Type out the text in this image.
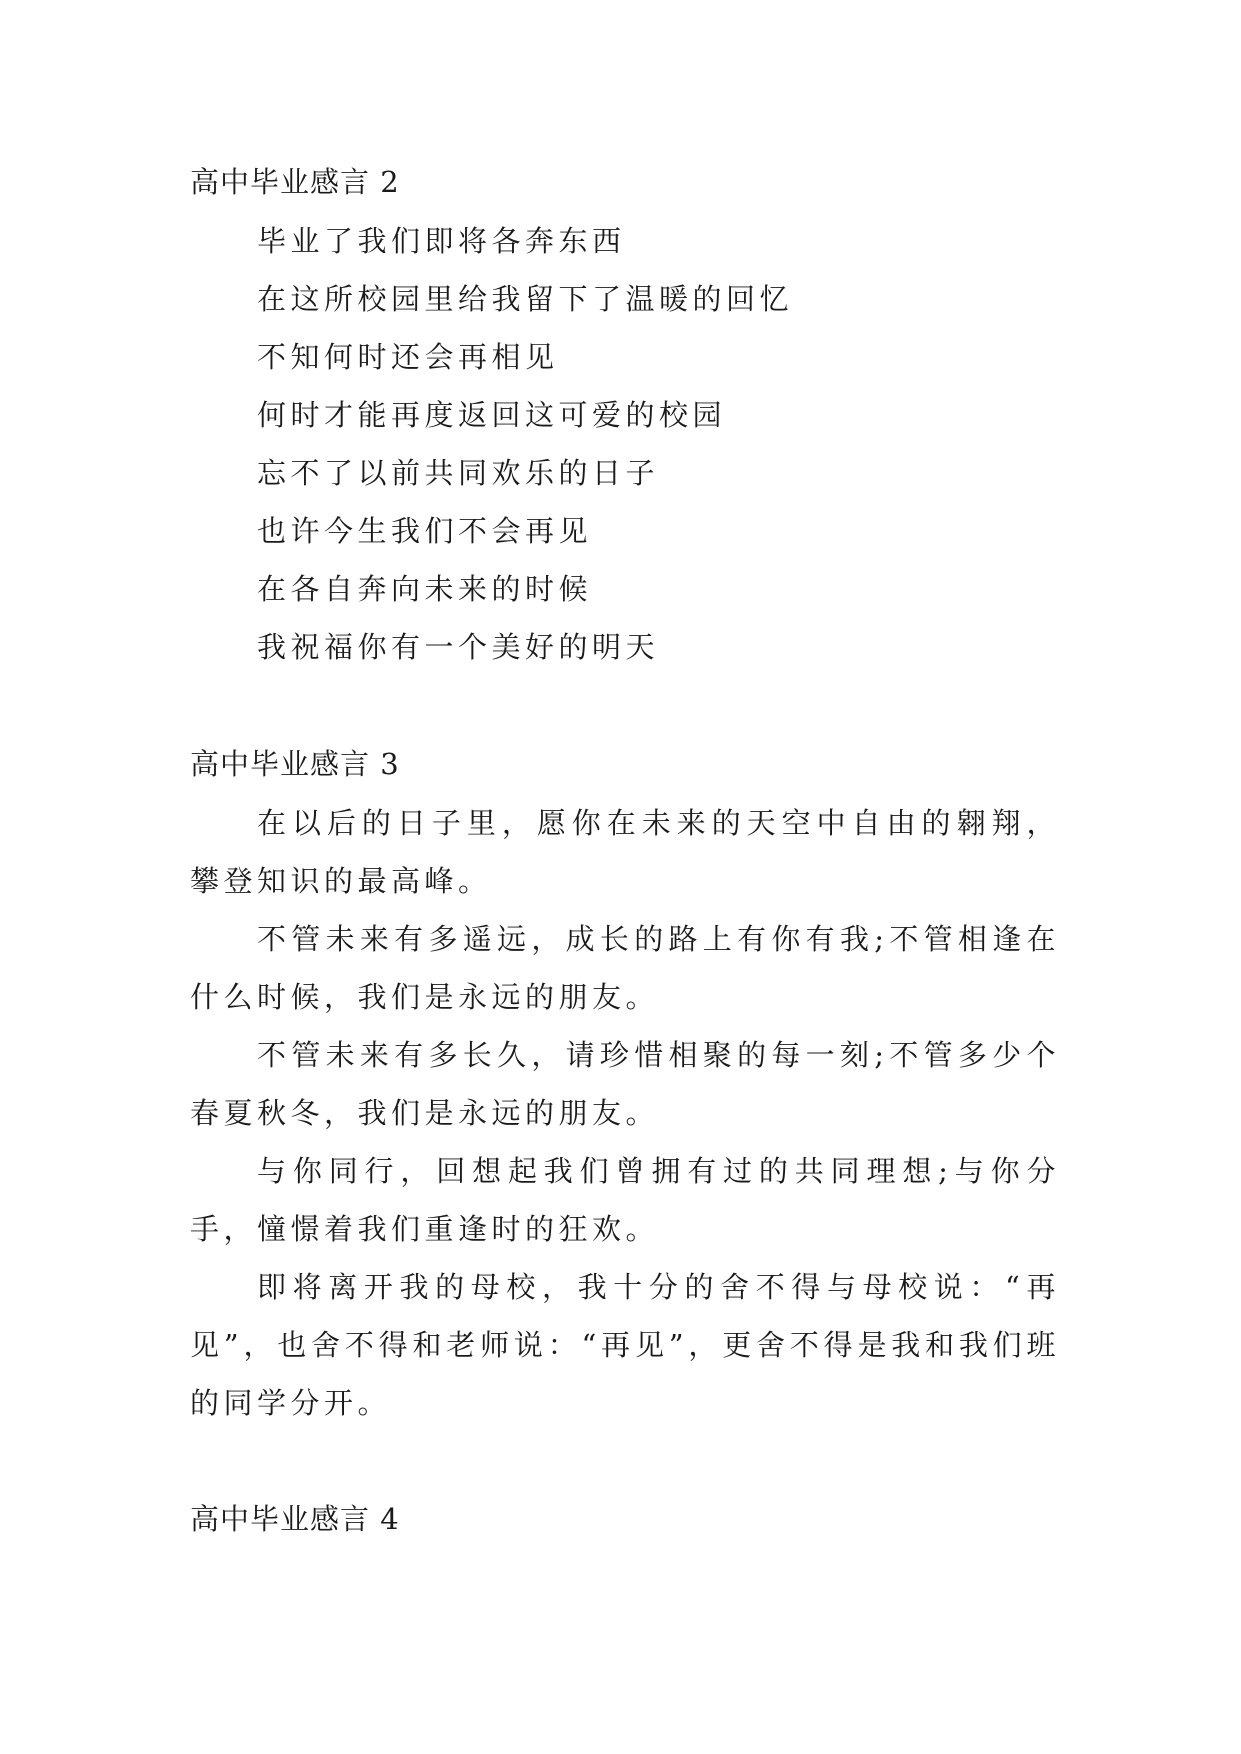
高中毕业感言 2
毕业了我们即将各奔东西
在这所校园里给我留下了温暖的回忆
不知何时还会再相见
何时才能再度返回这可爱的校园
忘不了以前共同欢乐的日子
也许今生我们不会再见
在各自奔向未来的时候
我祝福你有一个美好的明天
高中毕业感言 3

在以后的日子里，愿你在未来的天空中自由的翱翔，攀登知识的最高峰。

不管未来有多遥远，成长的路上有你有我;不管相逢在什么时候，我们是永远的朋友。

不管未来有多长久，请珍惜相聚的每一刻;不管多少个春夏秋冬，我们是永远的朋友。

与你同行，回想起我们曾拥有过的共同理想;与你分手，憧憬着我们重逢时的狂欢。

即将离开我的母校，我十分的舍不得与母校说：“再见”，也舍不得和老师说：“再见”，更舍不得是我和我们班的同学分开。

高中毕业感言 4
